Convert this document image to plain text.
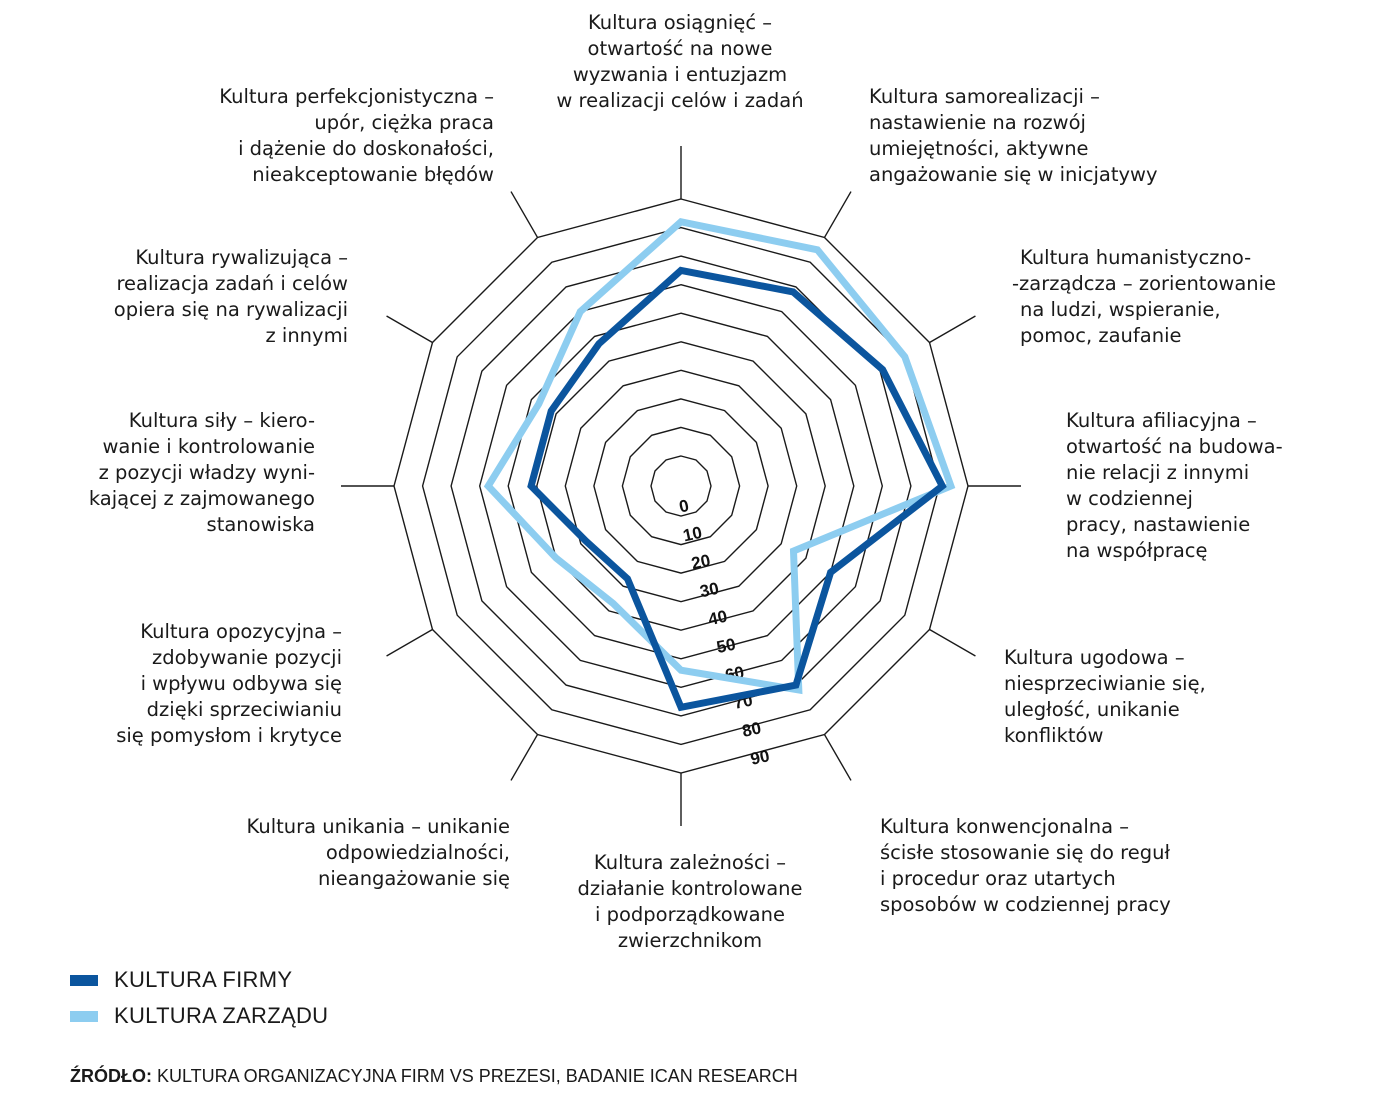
0
10
20
30
40
50
60
70
80
90
Kultura osiągnięć –
otwartość na nowe
wyzwania i entuzjazm
w realizacji celów i zadań	Kultura samorealizacji –
nastawienie na rozwój
umiejętności, aktywne
angażowanie się w inicjatywy
Kultura humanistyczno-
-zarządcza – zorientowanie
na ludzi, wspieranie,
pomoc, zaufanie
Kultura afiliacyjna –
otwartość na budowa-
nie relacji z innymi
w codziennej
pracy, nastawienie
na współpracę
Kultura ugodowa –
niesprzeciwianie się,
uległość, unikanie
konfliktów
Kultura konwencjonalna –
ścisłe stosowanie się do reguł
i procedur oraz utartych
sposobów w codziennej pracy
Kultura zależności –
działanie kontrolowane
i podporządkowane
zwierzchnikom
Kultura unikania – unikanie
odpowiedzialności,
nieangażowanie się
Kultura opozycyjna –
zdobywanie pozycji
i wpływu odbywa się
dzięki sprzeciwianiu
się pomysłom i krytyce
Kultura siły – kiero-
wanie i kontrolowanie
z pozycji władzy wyni-
kającej z zajmowanego
stanowiska
Kultura rywalizująca –
realizacja zadań i celów
opiera się na rywalizacji
z innymi
Kultura perfekcjonistyczna –
upór, ciężka praca
i dążenie do doskonałości,
nieakceptowanie błędów
KULTURA FIRMY
KULTURA ZARZĄDU
ŹRÓDŁO: KULTURA ORGANIZACYJNA FIRM VS PREZESI, BADANIE ICAN RESEARCH
